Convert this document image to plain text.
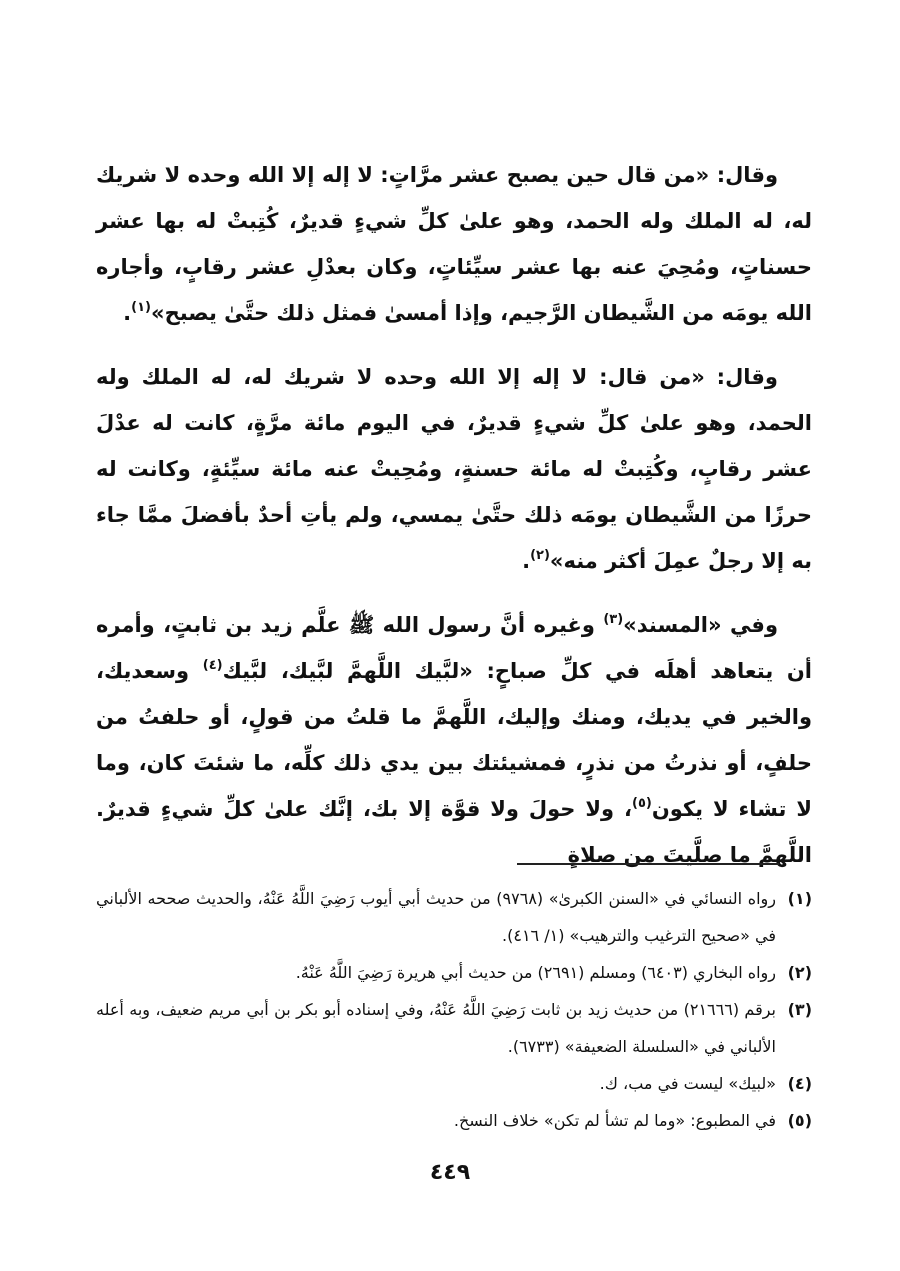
وقال: «من قال حين يصبح عشر مرَّاتٍ: لا إله إلا الله وحده لا شريك له، له الملك وله الحمد، وهو علىٰ كلِّ شيءٍ قديرٌ، كُتِبتْ له بها عشر حسناتٍ، ومُحِيَ عنه بها عشر سيِّئاتٍ، وكان بعدْلِ عشر رقابٍ، وأجاره الله يومَه من الشَّيطان الرَّجيم، وإذا أمسىٰ فمثل ذلك حتَّىٰ يصبح»$^{(١)}$.

وقال: «من قال: لا إله إلا الله وحده لا شريك له، له الملك وله الحمد، وهو علىٰ كلِّ شيءٍ قديرٌ، في اليوم مائة مرَّةٍ، كانت له عدْلَ عشر رقابٍ، وكُتِبتْ له مائة حسنةٍ، ومُحِيتْ عنه مائة سيِّئةٍ، وكانت له حرزًا من الشَّيطان يومَه ذلك حتَّىٰ يمسي، ولم يأتِ أحدٌ بأفضلَ ممَّا جاء به إلا رجلٌ عمِلَ أكثر منه»$^{(٢)}$.

وفي «المسند»$^{(٣)}$ وغيره أنَّ رسول الله ﷺ علَّم زيد بن ثابتٍ، وأمره أن يتعاهد أهلَه في كلِّ صباحٍ: «لبَّيك اللَّهمَّ لبَّيك، لبَّيك$^{(٤)}$ وسعديك، والخير في يديك، ومنك وإليك، اللَّهمَّ ما قلتُ من قولٍ، أو حلفتُ من حلفٍ، أو نذرتُ من نذرٍ، فمشيئتك بين يدي ذلك كلِّه، ما شئتَ كان، وما لا تشاء لا يكون$^{(٥)}$، ولا حولَ ولا قوَّة إلا بك، إنَّك علىٰ كلِّ شيءٍ قديرٌ. اللَّهمَّ ما صلَّيتَ من صلاةٍ

(١)
رواه النسائي في «السنن الكبرىٰ» (٩٧٦٨) من حديث أبي أيوب رَضِيَ اللَّهُ عَنْهُ، والحديث صححه الألباني في «صحيح الترغيب والترهيب» (١/ ٤١٦).
(٢)
رواه البخاري (٦٤٠٣) ومسلم (٢٦٩١) من حديث أبي هريرة رَضِيَ اللَّهُ عَنْهُ.
(٣)
برقم (٢١٦٦٦) من حديث زيد بن ثابت رَضِيَ اللَّهُ عَنْهُ، وفي إسناده أبو بكر بن أبي مريم ضعيف، وبه أعله الألباني في «السلسلة الضعيفة» (٦٧٣٣).
(٤)
«لبيك» ليست في مب، ك.
(٥)
في المطبوع: «وما لم تشأ لم تكن» خلاف النسخ.
٤٤٩
